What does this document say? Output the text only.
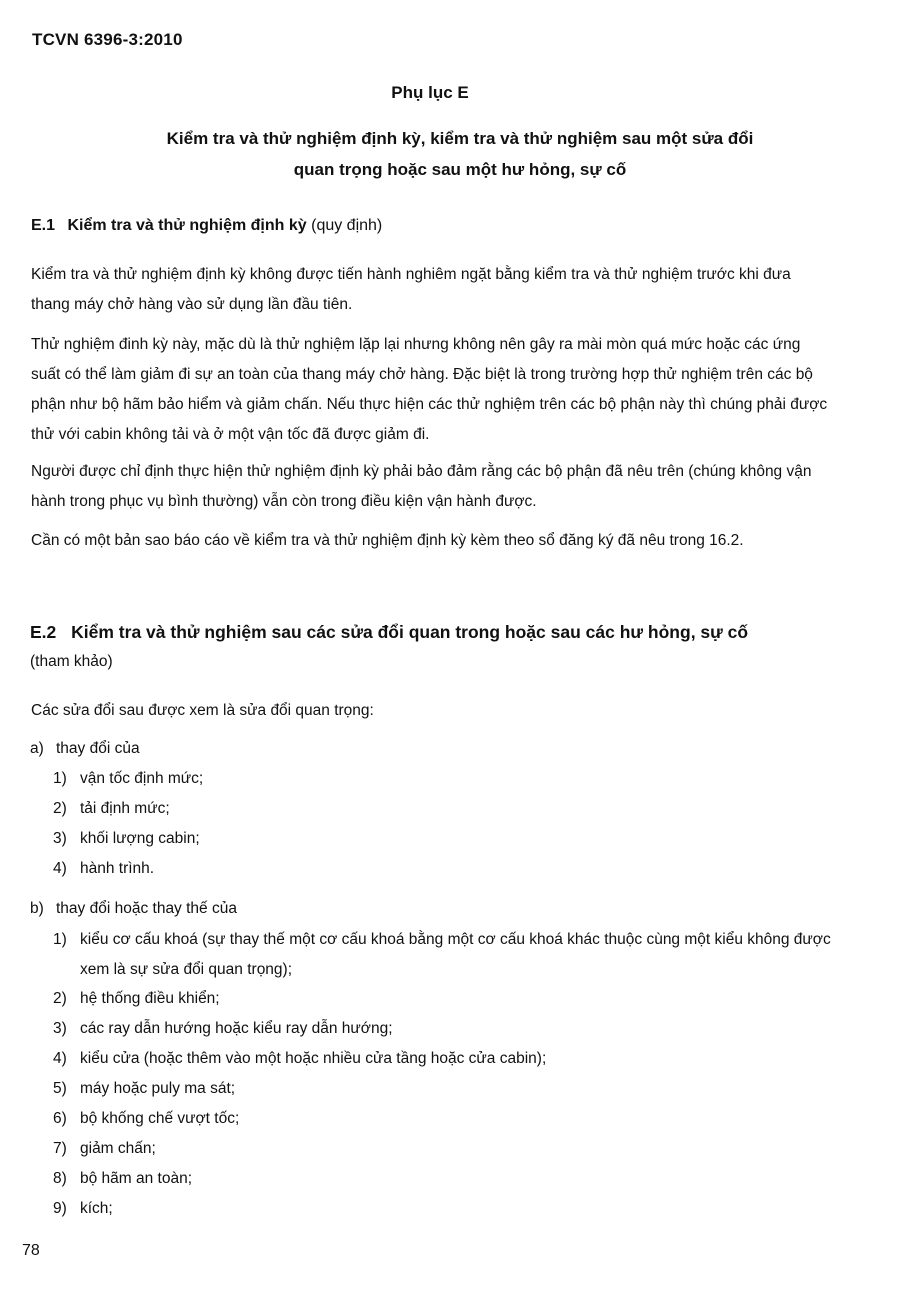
TCVN 6396-3:2010
Phụ lục E
Kiểm tra và thử nghiệm định kỳ, kiểm tra và thử nghiệm sau một sửa đổi
quan trọng hoặc sau một hư hỏng, sự cố
E.1 Kiểm tra và thử nghiệm định kỳ (quy định)
Kiểm tra và thử nghiệm định kỳ không được tiến hành nghiêm ngặt bằng kiểm tra và thử nghiệm trước khi đưa thang máy chở hàng vào sử dụng lần đầu tiên.
Thử nghiệm đinh kỳ này, mặc dù là thử nghiệm lặp lại nhưng không nên gây ra mài mòn quá mức hoặc các ứng suất có thể làm giảm đi sự an toàn của thang máy chở hàng. Đặc biệt là trong trường hợp thử nghiệm trên các bộ phận như bộ hãm bảo hiểm và giảm chấn. Nếu thực hiện các thử nghiệm trên các bộ phận này thì chúng phải được thử với cabin không tải và ở một vận tốc đã được giảm đi.
Người được chỉ định thực hiện thử nghiệm định kỳ phải bảo đảm rằng các bộ phận đã nêu trên (chúng không vận hành trong phục vụ bình thường) vẫn còn trong điều kiện vận hành được.
Cần có một bản sao báo cáo về kiểm tra và thử nghiệm định kỳ kèm theo sổ đăng ký đã nêu trong 16.2.
E.2 Kiểm tra và thử nghiệm sau các sửa đổi quan trong hoặc sau các hư hỏng, sự cố
(tham khảo)
Các sửa đổi sau được xem là sửa đổi quan trọng:
a) thay đổi của
1) vận tốc định mức;
2) tải định mức;
3) khối lượng cabin;
4) hành trình.
b) thay đổi hoặc thay thế của
1) kiểu cơ cấu khoá (sự thay thế một cơ cấu khoá bằng một cơ cấu khoá khác thuộc cùng một kiểu không được xem là sự sửa đổi quan trọng);
2) hệ thống điều khiển;
3) các ray dẫn hướng hoặc kiểu ray dẫn hướng;
4) kiểu cửa (hoặc thêm vào một hoặc nhiều cửa tầng hoặc cửa cabin);
5) máy hoặc puly ma sát;
6) bộ khống chế vượt tốc;
7) giảm chấn;
8) bộ hãm an toàn;
9) kích;
78
